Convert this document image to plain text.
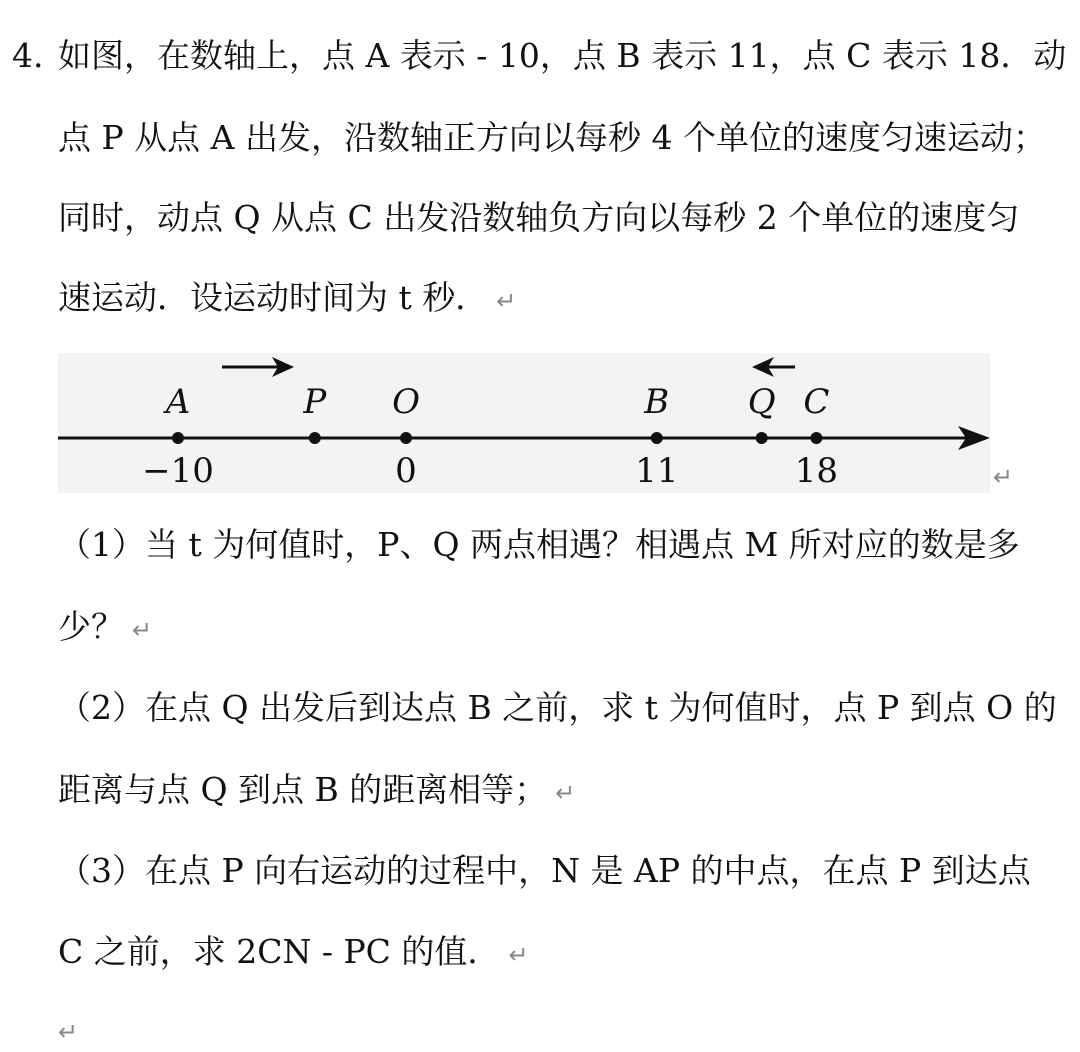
4. 如图，在数轴上，点 A 表示 - 10，点 B 表示 11，点 C 表示 18．动
点 P 从点 A 出发，沿数轴正方向以每秒 4 个单位的速度匀速运动；
同时，动点 Q 从点 C 出发沿数轴负方向以每秒 2 个单位的速度匀
速运动．设运动时间为 t 秒． ↵
A
−10
P O
0
B
11
Q C
18	↵
（1）当 t 为何值时，P、Q 两点相遇？相遇点 M 所对应的数是多
少？ ↵
（2）在点 Q 出发后到达点 B 之前，求 t 为何值时，点 P 到点 O 的
距离与点 Q 到点 B 的距离相等； ↵
（3）在点 P 向右运动的过程中，N 是 AP 的中点，在点 P 到达点
C 之前，求 2CN - PC 的值． ↵
↵
